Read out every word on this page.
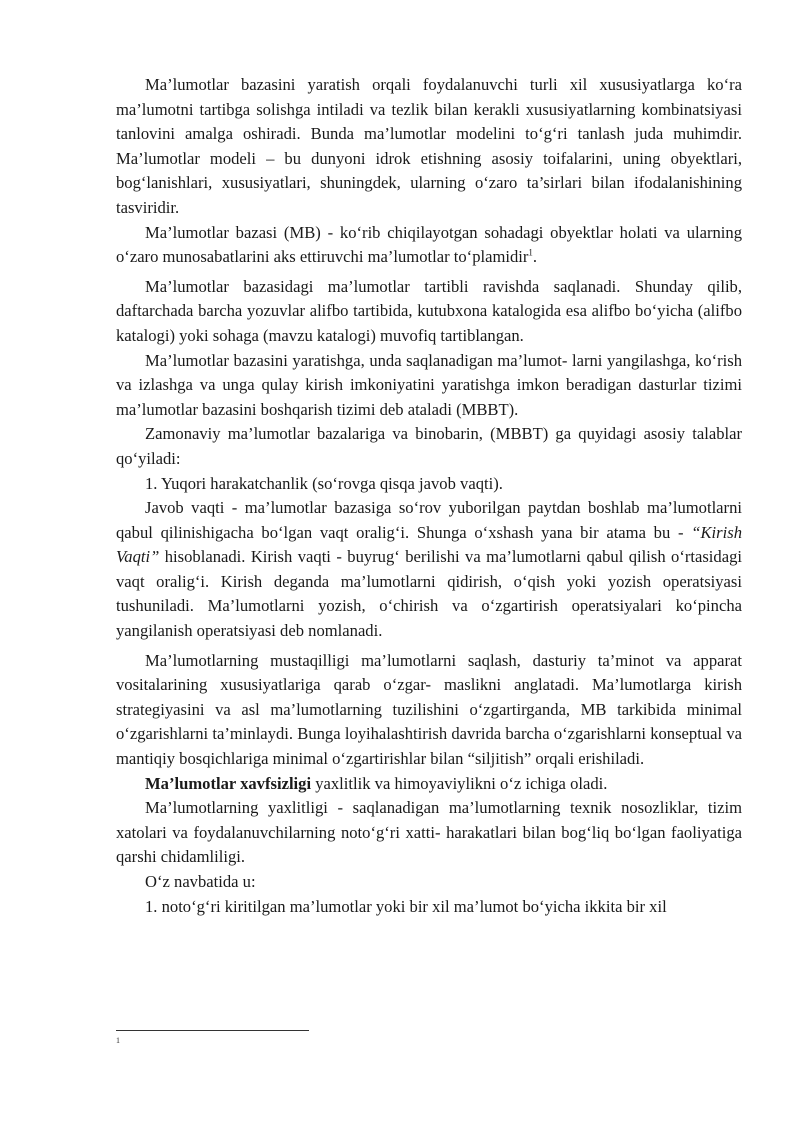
Ma’lumotlar bazasini yaratish orqali foydalanuvchi turli xil xususiyatlarga ko‘ra ma’lumotni tartibga solishga intiladi va tezlik bilan kerakli xususiyatlarning kombinatsiyasi tanlovini amalga oshiradi. Bunda ma’lumotlar modelini to‘g‘ri tanlash juda muhimdir. Ma’lumotlar modeli – bu dunyoni idrok etishning asosiy toifalarini, uning obyektlari, bog‘lanishlari, xususiyatlari, shuningdek, ularning o‘zaro ta’sirlari bilan ifodalanishining tasviridir.

Ma’lumotlar bazasi (MB) - ko‘rib chiqilayotgan sohadagi obyektlar holati va ularning o‘zaro munosabatlarini aks ettiruvchi ma’lumotlar to‘plamidir$^1$.

Ma’lumotlar bazasidagi ma’lumotlar tartibli ravishda saqlanadi. Shunday qilib, daftarchada barcha yozuvlar alifbo tartibida, kutubxona katalogida esa alifbo bo‘yicha (alifbo katalogi) yoki sohaga (mavzu katalogi) muvofiq tartiblangan.

Ma’lumotlar bazasini yaratishga, unda saqlanadigan ma’lumot- larni yangilashga, ko‘rish va izlashga va unga qulay kirish imkoniyatini yaratishga imkon beradigan dasturlar tizimi ma’lumotlar bazasini boshqarish tizimi deb ataladi (MBBT).

Zamonaviy ma’lumotlar bazalariga va binobarin, (MBBT) ga quyidagi asosiy talablar qo‘yiladi:

1. Yuqori harakatchanlik (so‘rovga qisqa javob vaqti).

Javob vaqti - ma’lumotlar bazasiga so‘rov yuborilgan paytdan boshlab ma’lumotlarni qabul qilinishigacha bo‘lgan vaqt oralig‘i. Shunga o‘xshash yana bir atama bu - “Kirish Vaqti” hisoblanadi. Kirish vaqti - buyrug‘ berilishi va ma’lumotlarni qabul qilish o‘rtasidagi vaqt oralig‘i. Kirish deganda ma’lumotlarni qidirish, o‘qish yoki yozish operatsiyasi tushuniladi. Ma’lumotlarni yozish, o‘chirish va o‘zgartirish operatsiyalari ko‘pincha yangilanish operatsiyasi deb nomlanadi.

Ma’lumotlarning mustaqilligi ma’lumotlarni saqlash, dasturiy ta’minot va apparat vositalarining xususiyatlariga qarab o‘zgar- maslikni anglatadi. Ma’lumotlarga kirish strategiyasini va asl ma’lumotlarning tuzilishini o‘zgartirganda, MB tarkibida minimal o‘zgarishlarni ta’minlaydi. Bunga loyihalashtirish davrida barcha o‘zgarishlarni konseptual va mantiqiy bosqichlariga minimal o‘zgartirishlar bilan “siljitish” orqali erishiladi.

Ma’lumotlar xavfsizligi yaxlitlik va himoyaviylikni o‘z ichiga oladi.

Ma’lumotlarning yaxlitligi - saqlanadigan ma’lumotlarning texnik nosozliklar, tizim xatolari va foydalanuvchilarning noto‘g‘ri xatti- harakatlari bilan bog‘liq bo‘lgan faoliyatiga qarshi chidamliligi.

O‘z navbatida u:

1. noto‘g‘ri kiritilgan ma’lumotlar yoki bir xil ma’lumot bo‘yicha ikkita bir xil

1
